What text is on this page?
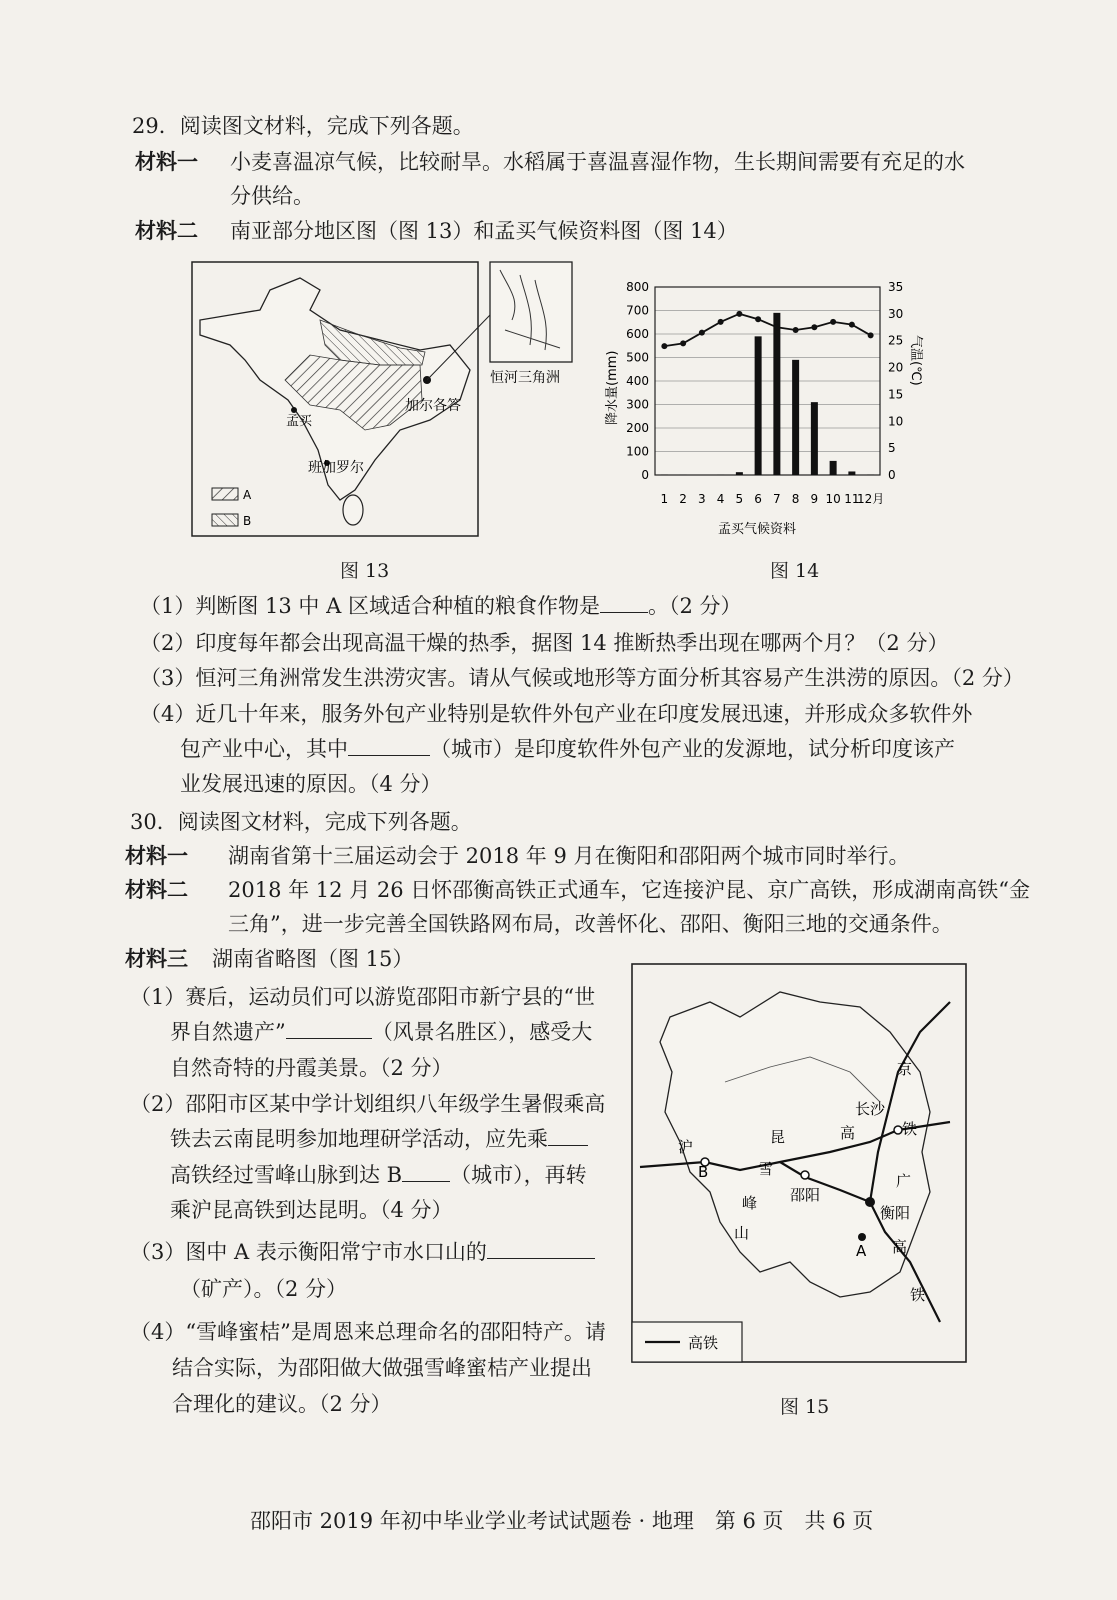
29．阅读图文材料，完成下列各题。
材料一 小麦喜温凉气候，比较耐旱。水稻属于喜温喜湿作物，生长期间需要有充足的水
分供给。
材料二 南亚部分地区图（图 13）和孟买气候资料图（图 14）
孟买
加尔各答
班加罗尔
A
B
恒河三角洲
图 13
0
100
200
300
400
500
600
700
800
0
5
10
15
20
25
30
35
1 2 3 4 5 6 7 8 9 10 11
12月
降水量(mm)	气温(℃)
孟买气候资料
图 14
（1）判断图 13 中 A 区域适合种植的粮食作物是 。（2 分）
（2）印度每年都会出现高温干燥的热季，据图 14 推断热季出现在哪两个月？（2 分）
（3）恒河三角洲常发生洪涝灾害。请从气候或地形等方面分析其容易产生洪涝的原因。（2 分）
（4）近几十年来，服务外包产业特别是软件外包产业在印度发展迅速，并形成众多软件外
包产业中心，其中	（城市）是印度软件外包产业的发源地，试分析印度该产
业发展迅速的原因。（4 分）
30．阅读图文材料，完成下列各题。
材料一 湖南省第十三届运动会于 2018 年 9 月在衡阳和邵阳两个城市同时举行。
材料二 2018 年 12 月 26 日怀邵衡高铁正式通车，它连接沪昆、京广高铁，形成湖南高铁“金
三角”，进一步完善全国铁路网布局，改善怀化、邵阳、衡阳三地的交通条件。
材料三 湖南省略图（图 15）
（1）赛后，运动员们可以游览邵阳市新宁县的“世
界自然遗产”	（风景名胜区），感受大
自然奇特的丹霞美景。（2 分）
（2）邵阳市区某中学计划组织八年级学生暑假乘高
铁去云南昆明参加地理研学活动，应先乘
高铁经过雪峰山脉到达 B （城市），再转
乘沪昆高铁到达昆明。（4 分）
（3）图中 A 表示衡阳常宁市水口山的
（矿产）。（2 分）
（4）“雪峰蜜桔”是周恩来总理命名的邵阳特产。请
结合实际，为邵阳做大做强雪峰蜜桔产业提出
合理化的建议。（2 分）
京
长沙
铁
沪
昆	高
B	雪
峰
山
邵阳
广
衡阳
高
铁
A
高铁
图 15
邵阳市 2019 年初中毕业学业考试试题卷 · 地理　第 6 页　共 6 页
